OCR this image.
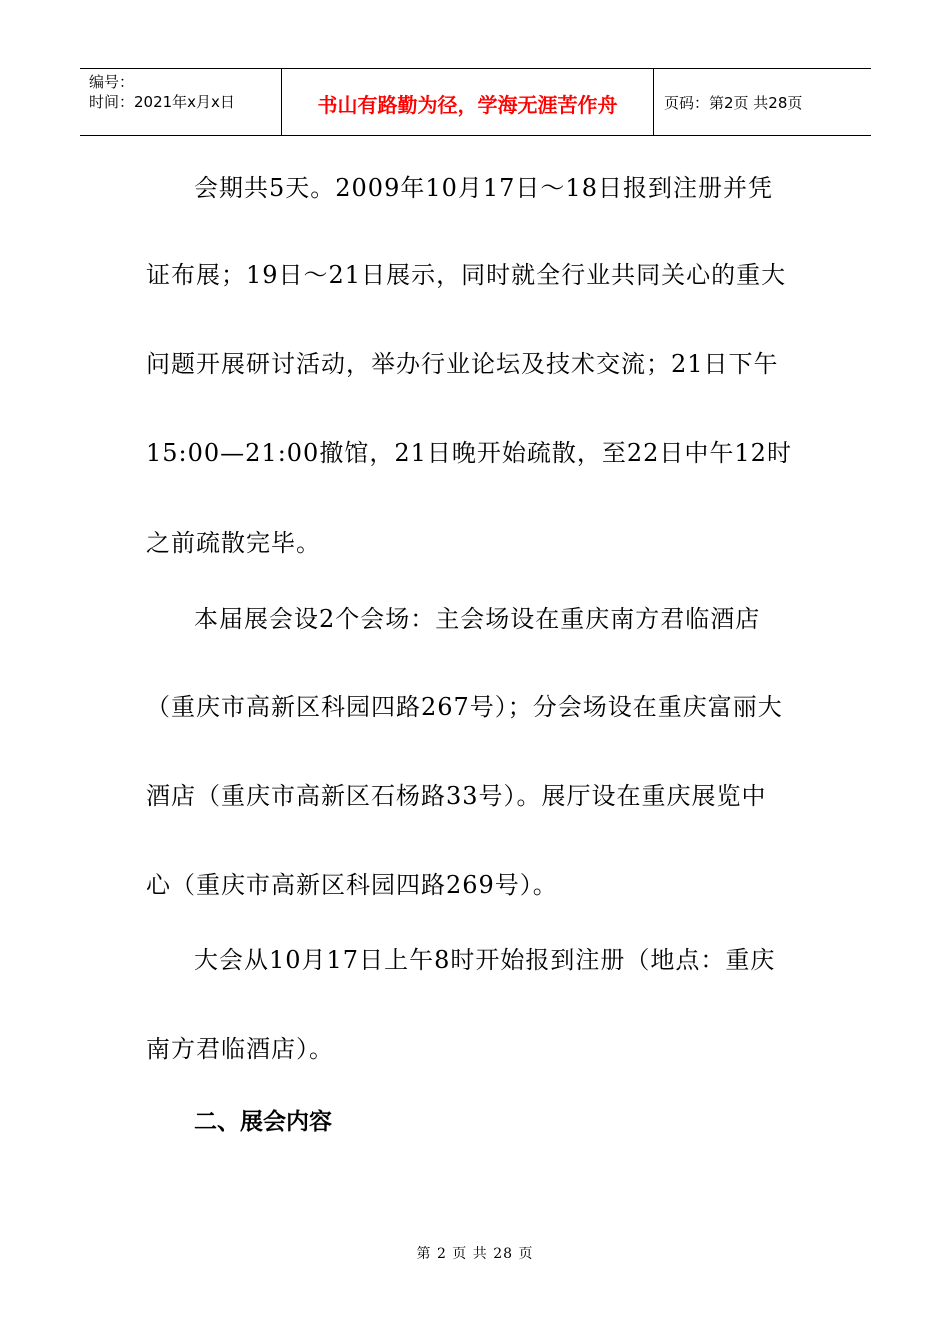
编号：
时间：2021年x月x日	书山有路勤为径，学海无涯苦作舟	页码：第2页 共28页
会期共5天。2009年10月17日～18日报到注册并凭
证布展；19日～21日展示，同时就全行业共同关心的重大
问题开展研讨活动，举办行业论坛及技术交流；21日下午
15:00—21:00撤馆，21日晚开始疏散，至22日中午12时
之前疏散完毕。
本届展会设2个会场：主会场设在重庆南方君临酒店
（重庆市高新区科园四路267号）；分会场设在重庆富丽大
酒店（重庆市高新区石杨路33号）。展厅设在重庆展览中
心（重庆市高新区科园四路269号）。
大会从10月17日上午8时开始报到注册（地点：重庆
南方君临酒店）。
二、展会内容
第 2 页 共 28 页
